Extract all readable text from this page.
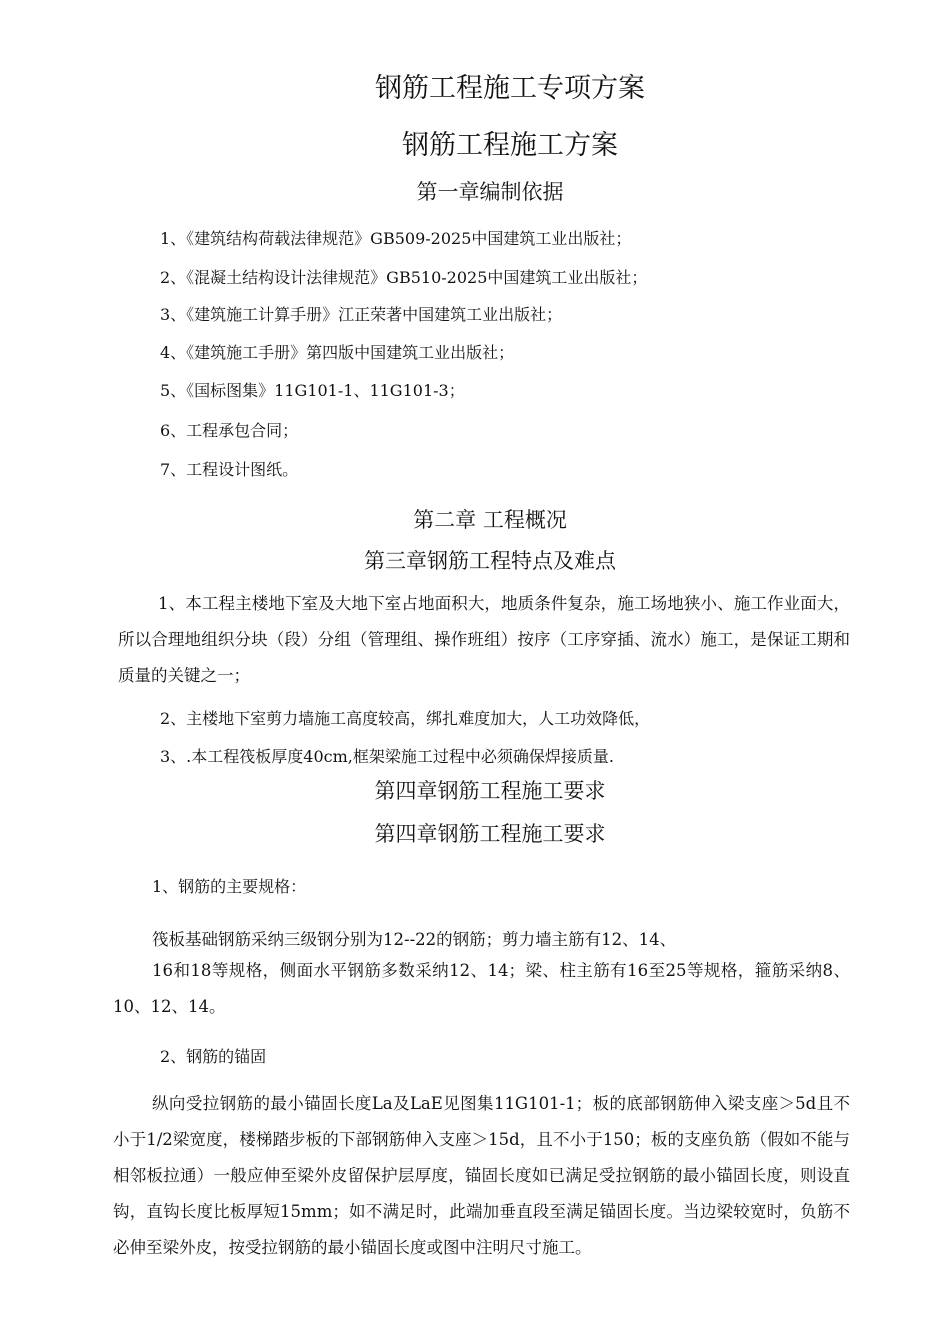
钢筋工程施工专项方案
钢筋工程施工方案
第一章编制依据
1、《建筑结构荷载法律规范》GB509-2025中国建筑工业出版社；
2、《混凝土结构设计法律规范》GB510-2025中国建筑工业出版社；
3、《建筑施工计算手册》江正荣著中国建筑工业出版社；
4、《建筑施工手册》第四版中国建筑工业出版社；
5、《国标图集》11G101-1、11G101-3；
6、工程承包合同；
7、工程设计图纸。
第二章 工程概况
第三章钢筋工程特点及难点
1、本工程主楼地下室及大地下室占地面积大，地质条件复杂，施工场地狭小、施工作业面大，所以合理地组织分块（段）分组（管理组、操作班组）按序（工序穿插、流水）施工，是保证工期和质量的关键之一；
2、主楼地下室剪力墙施工高度较高，绑扎难度加大，人工功效降低，
3、.本工程筏板厚度40cm,框架梁施工过程中必须确保焊接质量.
第四章钢筋工程施工要求
第四章钢筋工程施工要求
1、钢筋的主要规格：
筏板基础钢筋采纳三级钢分别为12--22的钢筋；剪力墙主筋有12、14、
16和18等规格，侧面水平钢筋多数采纳12、14；梁、柱主筋有16至25等规格，箍筋采纳8、10、12、14。
2、钢筋的锚固
纵向受拉钢筋的最小锚固长度La及LaE见图集11G101-1；板的底部钢筋伸入梁支座＞5d且不小于1/2梁宽度，楼梯踏步板的下部钢筋伸入支座＞15d，且不小于150；板的支座负筋（假如不能与相邻板拉通）一般应伸至梁外皮留保护层厚度，锚固长度如已满足受拉钢筋的最小锚固长度，则设直钩，直钩长度比板厚短15mm；如不满足时，此端加垂直段至满足锚固长度。当边梁较宽时，负筋不必伸至梁外皮，按受拉钢筋的最小锚固长度或图中注明尺寸施工。
